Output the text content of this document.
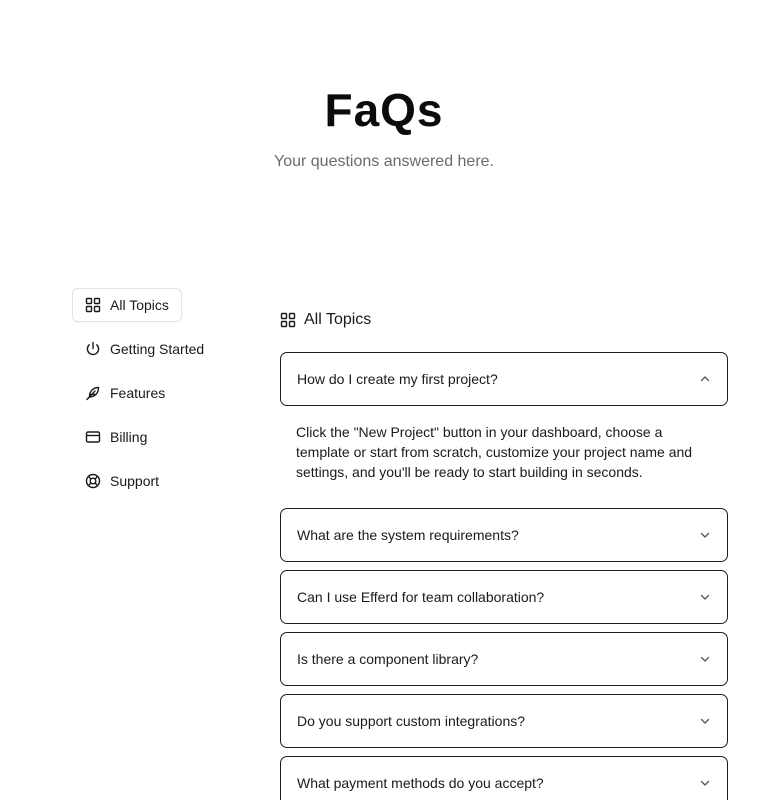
FaQs

Your questions answered here.

All Topics
Getting Started
Features
Billing
Support
All Topics
How do I create my first project?
Click the "New Project" button in your dashboard, choose a template or start from scratch, customize your project name and settings, and you'll be ready to start building in seconds.
What are the system requirements?
Can I use Efferd for team collaboration?
Is there a component library?
Do you support custom integrations?
What payment methods do you accept?
